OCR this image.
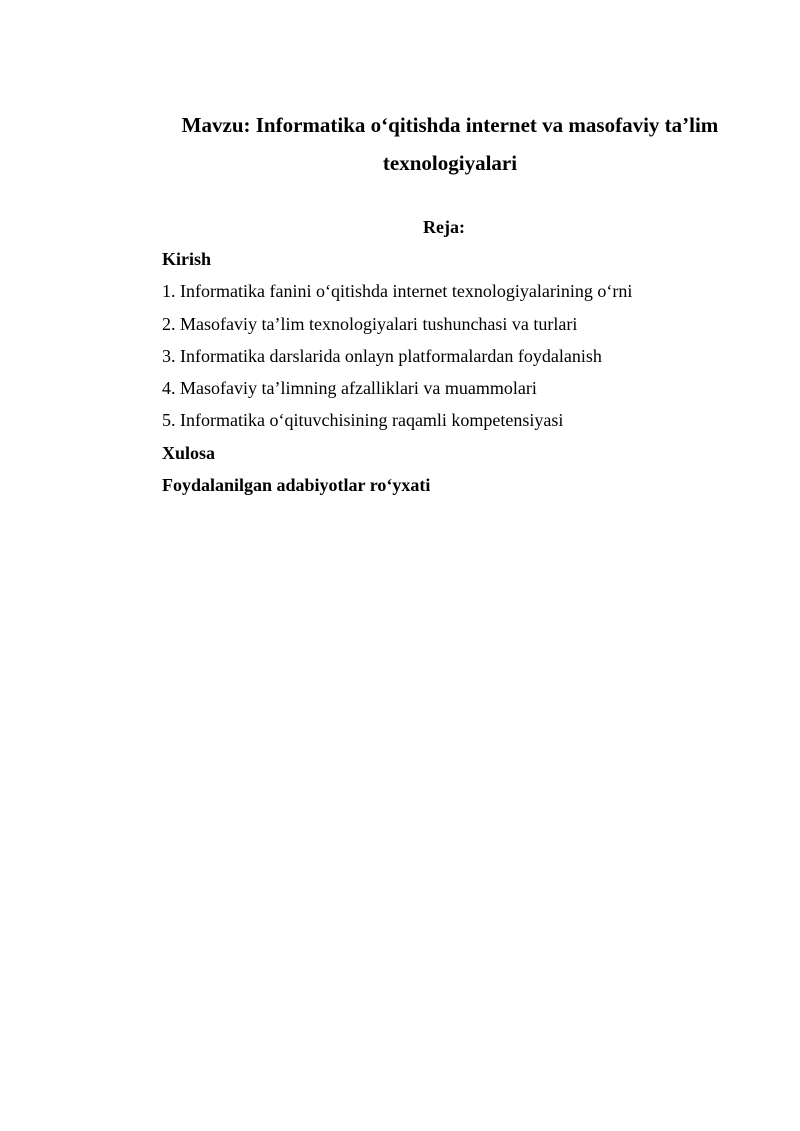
Mavzu: Informatika o‘qitishda internet va masofaviy ta’lim
texnologiyalari
Reja:
Kirish
1. Informatika fanini o‘qitishda internet texnologiyalarining o‘rni
2. Masofaviy ta’lim texnologiyalari tushunchasi va turlari
3. Informatika darslarida onlayn platformalardan foydalanish
4. Masofaviy ta’limning afzalliklari va muammolari
5. Informatika o‘qituvchisining raqamli kompetensiyasi
Xulosa
Foydalanilgan adabiyotlar ro‘yxati
